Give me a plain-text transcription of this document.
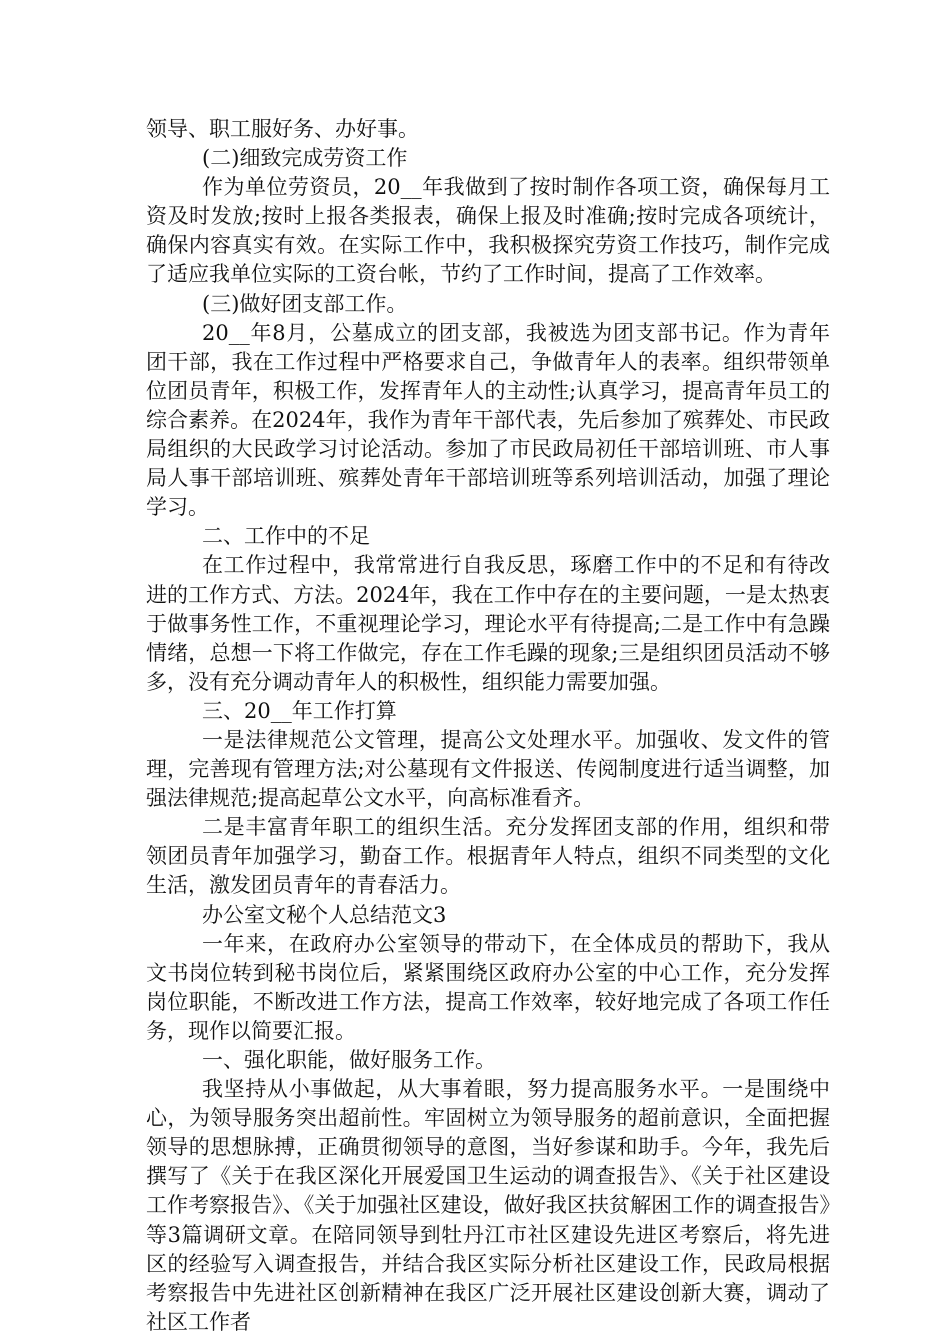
领导、职工服好务、办好事。

(二)细致完成劳资工作

作为单位劳资员，20__年我做到了按时制作各项工资，确保每月工资及时发放;按时上报各类报表，确保上报及时准确;按时完成各项统计，确保内容真实有效。在实际工作中，我积极探究劳资工作技巧，制作完成了适应我单位实际的工资台帐，节约了工作时间，提高了工作效率。

(三)做好团支部工作。

20__年8月，公墓成立的团支部，我被选为团支部书记。作为青年团干部，我在工作过程中严格要求自己，争做青年人的表率。组织带领单位团员青年，积极工作，发挥青年人的主动性;认真学习，提高青年员工的综合素养。在2024年，我作为青年干部代表，先后参加了殡葬处、市民政局组织的大民政学习讨论活动。参加了市民政局初任干部培训班、市人事局人事干部培训班、殡葬处青年干部培训班等系列培训活动，加强了理论学习。

二、工作中的不足

在工作过程中，我常常进行自我反思，琢磨工作中的不足和有待改进的工作方式、方法。2024年，我在工作中存在的主要问题，一是太热衷于做事务性工作，不重视理论学习，理论水平有待提高;二是工作中有急躁情绪，总想一下将工作做完，存在工作毛躁的现象;三是组织团员活动不够多，没有充分调动青年人的积极性，组织能力需要加强。

三、20__年工作打算

一是法律规范公文管理，提高公文处理水平。加强收、发文件的管理，完善现有管理方法;对公墓现有文件报送、传阅制度进行适当调整，加强法律规范;提高起草公文水平，向高标准看齐。

二是丰富青年职工的组织生活。充分发挥团支部的作用，组织和带领团员青年加强学习，勤奋工作。根据青年人特点，组织不同类型的文化生活，激发团员青年的青春活力。

办公室文秘个人总结范文3

一年来，在政府办公室领导的带动下，在全体成员的帮助下，我从文书岗位转到秘书岗位后，紧紧围绕区政府办公室的中心工作，充分发挥岗位职能，不断改进工作方法，提高工作效率，较好地完成了各项工作任务，现作以简要汇报。

一、强化职能，做好服务工作。

我坚持从小事做起，从大事着眼，努力提高服务水平。一是围绕中心，为领导服务突出超前性。牢固树立为领导服务的超前意识，全面把握领导的思想脉搏，正确贯彻领导的意图，当好参谋和助手。今年，我先后撰写了《关于在我区深化开展爱国卫生运动的调查报告》、《关于社区建设工作考察报告》、《关于加强社区建设，做好我区扶贫解困工作的调查报告》等3篇调研文章。在陪同领导到牡丹江市社区建设先进区考察后，将先进区的经验写入调查报告，并结合我区实际分析社区建设工作，民政局根据考察报告中先进社区创新精神在我区广泛开展社区建设创新大赛，调动了社区工作者
